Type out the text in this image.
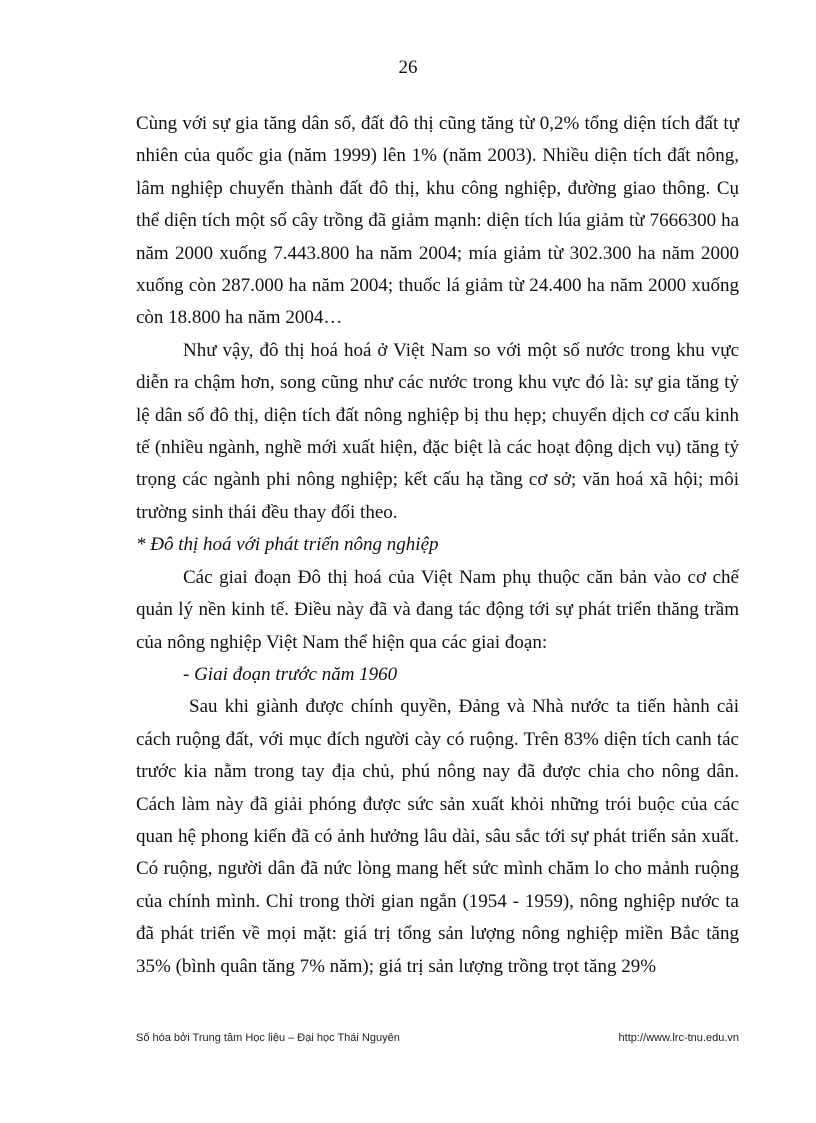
26

Cùng với sự gia tăng dân số, đất đô thị cũng tăng từ 0,2% tổng diện tích đất tự nhiên của quốc gia (năm 1999) lên 1% (năm 2003). Nhiều diện tích đất nông, lâm nghiệp chuyển thành đất đô thị, khu công nghiệp, đường giao thông. Cụ thể diện tích một số cây trồng đã giảm mạnh: diện tích lúa giảm từ 7666300 ha năm 2000 xuống 7.443.800 ha năm 2004; mía giảm từ 302.300 ha năm 2000 xuống còn 287.000 ha năm 2004; thuốc lá giảm từ 24.400 ha năm 2000 xuống còn 18.800 ha năm 2004…

Như vậy, đô thị hoá hoá ở Việt Nam so với một số nước trong khu vực diễn ra chậm hơn, song cũng như các nước trong khu vực đó là: sự gia tăng tỷ lệ dân số đô thị, diện tích đất nông nghiệp bị thu hẹp; chuyển dịch cơ cấu kinh tế (nhiều ngành, nghề mới xuất hiện, đặc biệt là các hoạt động dịch vụ) tăng tỷ trọng các ngành phi nông nghiệp; kết cấu hạ tầng cơ sở; văn hoá xã hội; môi trường sinh thái đều thay đổi theo.

* Đô thị hoá với phát triển nông nghiệp

Các giai đoạn Đô thị hoá của Việt Nam phụ thuộc căn bản vào cơ chế quản lý nền kinh tế. Điều này đã và đang tác động tới sự phát triển thăng trầm của nông nghiệp Việt Nam thể hiện qua các giai đoạn:

- Giai đoạn trước năm 1960

Sau khi giành được chính quyền, Đảng và Nhà nước ta tiến hành cải cách ruộng đất, với mục đích người cày có ruộng. Trên 83% diện tích canh tác trước kia nằm trong tay địa chủ, phú nông nay đã được chia cho nông dân. Cách làm này đã giải phóng được sức sản xuất khỏi những trói buộc của các quan hệ phong kiến đã có ảnh hưởng lâu dài, sâu sắc tới sự phát triển sản xuất. Có ruộng, người dân đã nức lòng mang hết sức mình chăm lo cho mảnh ruộng của chính mình. Chỉ trong thời gian ngắn (1954 - 1959), nông nghiệp nước ta đã phát triển về mọi mặt: giá trị tổng sản lượng nông nghiệp miền Bắc tăng 35% (bình quân tăng 7% năm); giá trị sản lượng trồng trọt tăng 29%

Số hóa bởi Trung tâm Học liệu – Đại học Thái Nguyên	http://www.lrc-tnu.edu.vn
